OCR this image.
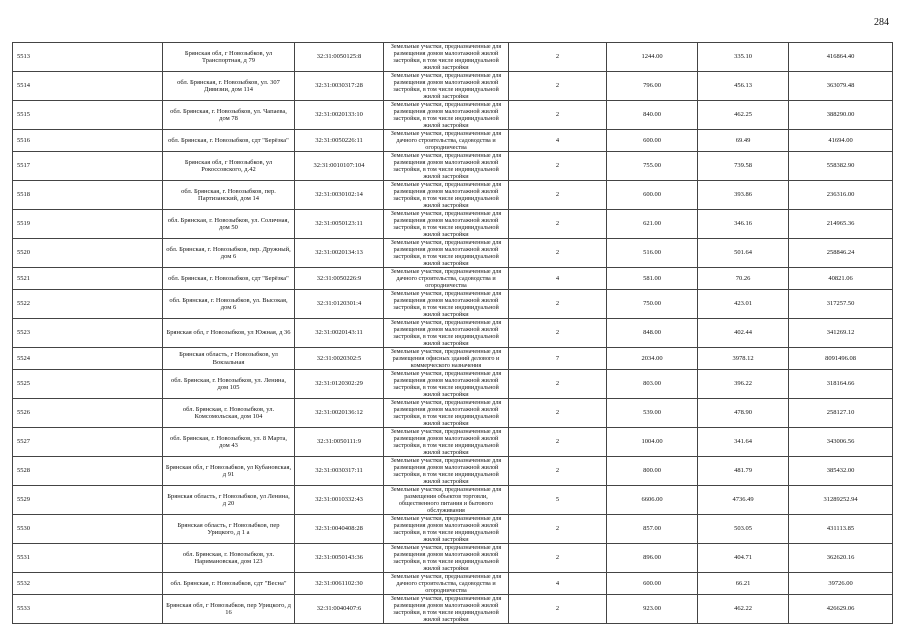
284
5513	Брянская обл, г Новозыбков, ул Транспортная, д 79	32:31:0050125:8	Земельные участки, предназначенные для размещения домов малоэтажной жилой застройки, в том числе индивидуальной жилой застройки	2	1244.00	335.10	416864.40
5514	обл. Брянская, г. Новозыбков, ул. 307 Дивизии, дом 114	32:31:0030317:28	Земельные участки, предназначенные для размещения домов малоэтажной жилой застройки, в том числе индивидуальной жилой застройки	2	796.00	456.13	363079.48
5515	обл. Брянская, г. Новозыбков, ул. Чапаева, дом 78	32:31:0020133:10	Земельные участки, предназначенные для размещения домов малоэтажной жилой застройки, в том числе индивидуальной жилой застройки	2	840.00	462.25	388290.00
5516	обл. Брянская, г. Новозыбков, сдт "Берёзка"	32:31:0050226:11	Земельные участки, предназначенные для дачного строительства, садоводства и огородничества	4	600.00	69.49	41694.00
5517	Брянская обл, г Новозыбков, ул Рокоссовского, д.42	32:31:0010107:104	Земельные участки, предназначенные для размещения домов малоэтажной жилой застройки, в том числе индивидуальной жилой застройки	2	755.00	739.58	558382.90
5518	обл. Брянская, г. Новозыбков, пер. Партизанский, дом 14	32:31:0030102:14	Земельные участки, предназначенные для размещения домов малоэтажной жилой застройки, в том числе индивидуальной жилой застройки	2	600.00	393.86	236316.00
5519	обл. Брянская, г. Новозыбков, ул. Соличная, дом 50	32:31:0050123:11	Земельные участки, предназначенные для размещения домов малоэтажной жилой застройки, в том числе индивидуальной жилой застройки	2	621.00	346.16	214965.36
5520	обл. Брянская, г. Новозыбков, пер. Дружный, дом 6	32:31:0020134:13	Земельные участки, предназначенные для размещения домов малоэтажной жилой застройки, в том числе индивидуальной жилой застройки	2	516.00	501.64	258846.24
5521	обл. Брянская, г. Новозыбков, сдт "Берёзка"	32:31:0050226:9	Земельные участки, предназначенные для дачного строительства, садоводства и огородничества	4	581.00	70.26	40821.06
5522	обл. Брянская, г. Новозыбков, ул. Высокая, дом 6	32:31:0120301:4	Земельные участки, предназначенные для размещения домов малоэтажной жилой застройки, в том числе индивидуальной жилой застройки	2	750.00	423.01	317257.50
5523	Брянская обл, г Новозыбков, ул Южная, д 36	32:31:0020143:11	Земельные участки, предназначенные для размещения домов малоэтажной жилой застройки, в том числе индивидуальной жилой застройки	2	848.00	402.44	341269.12
5524	Брянская область, г Новозыбков, ул Вокзальная	32:31:0020302:5	Земельные участки, предназначенные для размещения офисных зданий делового и коммерческого назначения	7	2034.00	3978.12	8091496.08
5525	обл. Брянская, г. Новозыбков, ул. Ленина, дом 105	32:31:0120302:29	Земельные участки, предназначенные для размещения домов малоэтажной жилой застройки, в том числе индивидуальной жилой застройки	2	803.00	396.22	318164.66
5526	обл. Брянская, г. Новозыбков, ул. Комсомольская, дом 104	32:31:0020136:12	Земельные участки, предназначенные для размещения домов малоэтажной жилой застройки, в том числе индивидуальной жилой застройки	2	539.00	478.90	258127.10
5527	обл. Брянская, г. Новозыбков, ул. 8 Марта, дом 43	32:31:0050111:9	Земельные участки, предназначенные для размещения домов малоэтажной жилой застройки, в том числе индивидуальной жилой застройки	2	1004.00	341.64	343006.56
5528	Брянская обл, г Новозыбков, ул Кубановская, д 91	32:31:0030317:11	Земельные участки, предназначенные для размещения домов малоэтажной жилой застройки, в том числе индивидуальной жилой застройки	2	800.00	481.79	385432.00
5529	Брянская область, г Новозыбков, ул Ленина, д 20	32:31:0010332:43	Земельные участки, предназначенные для размещения объектов торговли, общественного питания и бытового обслуживания	5	6606.00	4736.49	31289252.94
5530	Брянская область, г Новозыбков, пер Урицкого, д 1 а	32:31:0040408:28	Земельные участки, предназначенные для размещения домов малоэтажной жилой застройки, в том числе индивидуальной жилой застройки	2	857.00	503.05	431113.85
5531	обл. Брянская, г. Новозыбков, ул. Наримановская, дом 123	32:31:0050143:36	Земельные участки, предназначенные для размещения домов малоэтажной жилой застройки, в том числе индивидуальной жилой застройки	2	896.00	404.71	362620.16
5532	обл. Брянская, г. Новозыбков, сдт "Весна"	32:31:0061102:30	Земельные участки, предназначенные для дачного строительства, садоводства и огородничества	4	600.00	66.21	39726.00
5533	Брянская обл, г Новозыбков, пер Урицкого, д 16	32:31:0040407:6	Земельные участки, предназначенные для размещения домов малоэтажной жилой застройки, в том числе индивидуальной жилой застройки	2	923.00	462.22	426629.06
